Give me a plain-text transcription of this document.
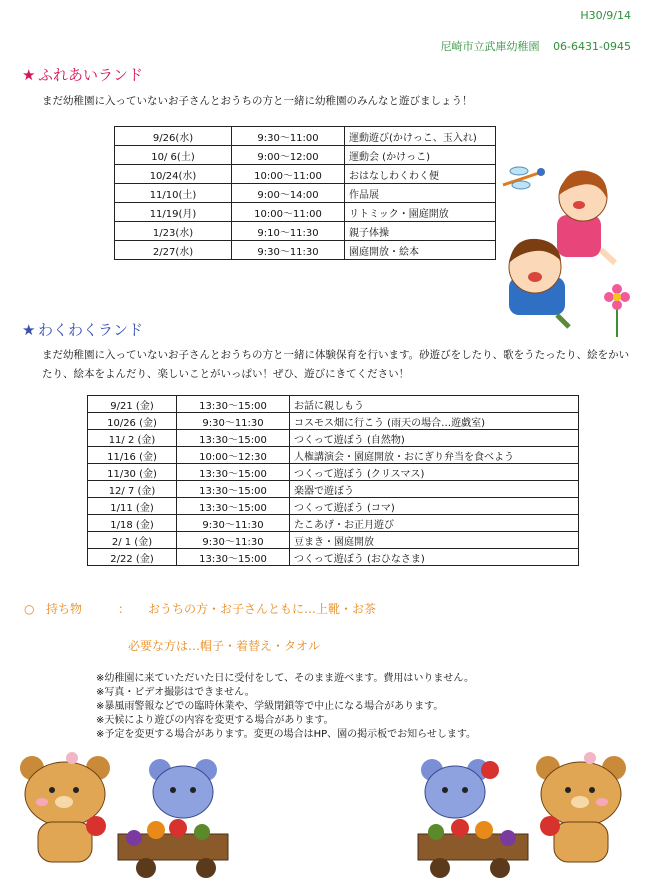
H30/9/14
尼崎市立武庫幼稚園 06-6431-0945
★ ふれあいランド
まだ幼稚園に入っていないお子さんとおうちの方と一緒に幼稚園のみんなと遊びましょう！
9/26(水)	9:30～11:00	運動遊び(かけっこ、玉入れ)
10/ 6(土)	9:00～12:00	運動会 (かけっこ)
10/24(水)	10:00～11:00	おはなしわくわく便
11/10(土)	9:00～14:00	作品展
11/19(月)	10:00～11:00	リトミック・園庭開放
1/23(水)	9:10～11:30	親子体操
2/27(水)	9:30～11:30	園庭開放・絵本
★ わくわくランド
まだ幼稚園に入っていないお子さんとおうちの方と一緒に体験保育を行います。砂遊びをしたり、歌をうたったり、絵をかいたり、絵本をよんだり、楽しいことがいっぱい！ぜひ、遊びにきてください！
9/21 (金)	13:30～15:00	お話に親しもう
10/26 (金)	9:30～11:30	コスモス畑に行こう (雨天の場合…遊戯室)
11/ 2 (金)	13:30～15:00	つくって遊ぼう (自然物)
11/16 (金)	10:00～12:30	人権講演会・園庭開放・おにぎり弁当を食べよう
11/30 (金)	13:30～15:00	つくって遊ぼう (クリスマス)
12/ 7 (金)	13:30～15:00	楽器で遊ぼう
1/11 (金)	13:30～15:00	つくって遊ぼう (コマ)
1/18 (金)	9:30～11:30	たこあげ・お正月遊び
2/ 1 (金)	9:30～11:30	豆まき・園庭開放
2/22 (金)	13:30～15:00	つくって遊ぼう (おひなさま)
○ 持ち物	： おうちの方・お子さんともに…上靴・お茶
必要な方は…帽子・着替え・タオル
※幼稚園に来ていただいた日に受付をして、そのまま遊べます。費用はいりません。
※写真・ビデオ撮影はできません。
※暴風雨警報などでの臨時休業や、学級閉鎖等で中止になる場合があります。
※天候により遊びの内容を変更する場合があります。
※予定を変更する場合があります。変更の場合はHP、園の掲示板でお知らせします。
